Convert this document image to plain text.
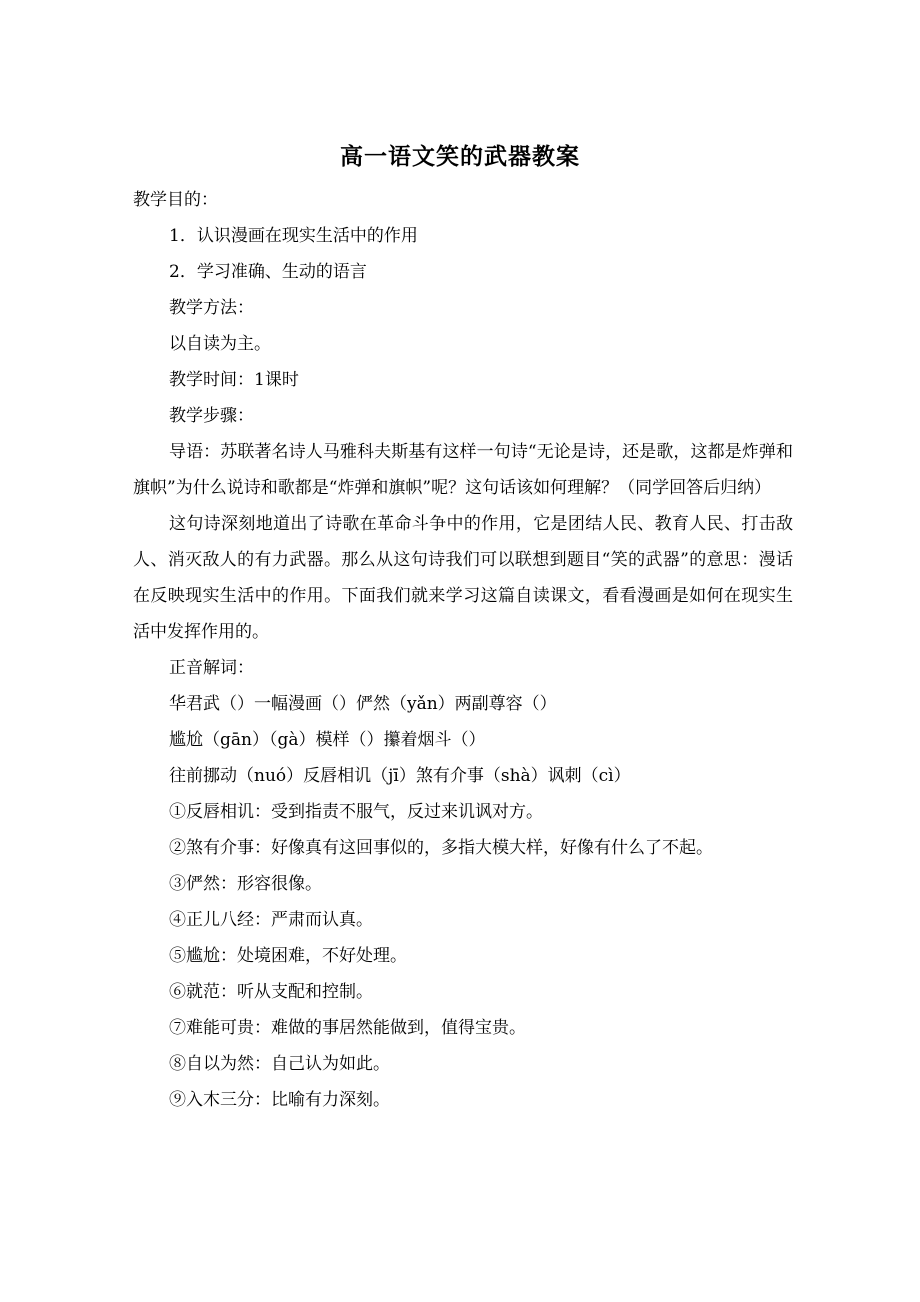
高一语文笑的武器教案
教学目的：
1．认识漫画在现实生活中的作用
2．学习准确、生动的语言
教学方法：
以自读为主。
教学时间：1课时
教学步骤：
导语：苏联著名诗人马雅科夫斯基有这样一句诗“无论是诗，还是歌，这都是炸弹和旗帜”为什么说诗和歌都是“炸弹和旗帜”呢？这句话该如何理解？（同学回答后归纳）
这句诗深刻地道出了诗歌在革命斗争中的作用，它是团结人民、教育人民、打击敌人、消灭敌人的有力武器。那么从这句诗我们可以联想到题目“笑的武器”的意思：漫话在反映现实生活中的作用。下面我们就来学习这篇自读课文，看看漫画是如何在现实生活中发挥作用的。
正音解词：
华君武（）一幅漫画（）俨然（yǎn）两副尊容（）
尴尬（gān）（gà）模样（）攥着烟斗（）
往前挪动（nuó）反唇相讥（jī）煞有介事（shà）讽刺（cì）
①反唇相讥：受到指责不服气，反过来讥讽对方。
②煞有介事：好像真有这回事似的，多指大模大样，好像有什么了不起。
③俨然：形容很像。
④正儿八经：严肃而认真。
⑤尴尬：处境困难，不好处理。
⑥就范：听从支配和控制。
⑦难能可贵：难做的事居然能做到，值得宝贵。
⑧自以为然：自己认为如此。
⑨入木三分：比喻有力深刻。
